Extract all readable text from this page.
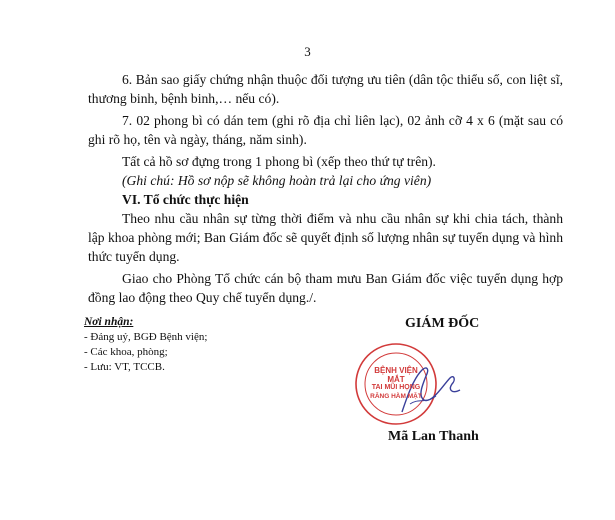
3

6. Bản sao giấy chứng nhận thuộc đối tượng ưu tiên (dân tộc thiểu số, con liệt sĩ, thương binh, bệnh binh,… nếu có).

7. 02 phong bì có dán tem (ghi rõ địa chỉ liên lạc), 02 ảnh cỡ 4 x 6 (mặt sau có ghi rõ họ, tên và ngày, tháng, năm sinh).

Tất cả hồ sơ đựng trong 1 phong bì (xếp theo thứ tự trên).

(Ghi chú: Hồ sơ nộp sẽ không hoàn trả lại cho ứng viên)

VI. Tổ chức thực hiện

Theo nhu cầu nhân sự từng thời điểm và nhu cầu nhân sự khi chia tách, thành lập khoa phòng mới; Ban Giám đốc sẽ quyết định số lượng nhân sự tuyển dụng và hình thức tuyển dụng.

Giao cho Phòng Tổ chức cán bộ tham mưu Ban Giám đốc việc tuyển dụng hợp đồng lao động theo Quy chế tuyển dụng./.

Nơi nhận:
- Đảng uỷ, BGĐ Bệnh viện;
- Các khoa, phòng;
- Lưu: VT, TCCB.
GIÁM ĐỐC
BỆNH VIỆN
MẮT
TAI MŨI HỌNG
RĂNG HÀM MẶT
Mã Lan Thanh
